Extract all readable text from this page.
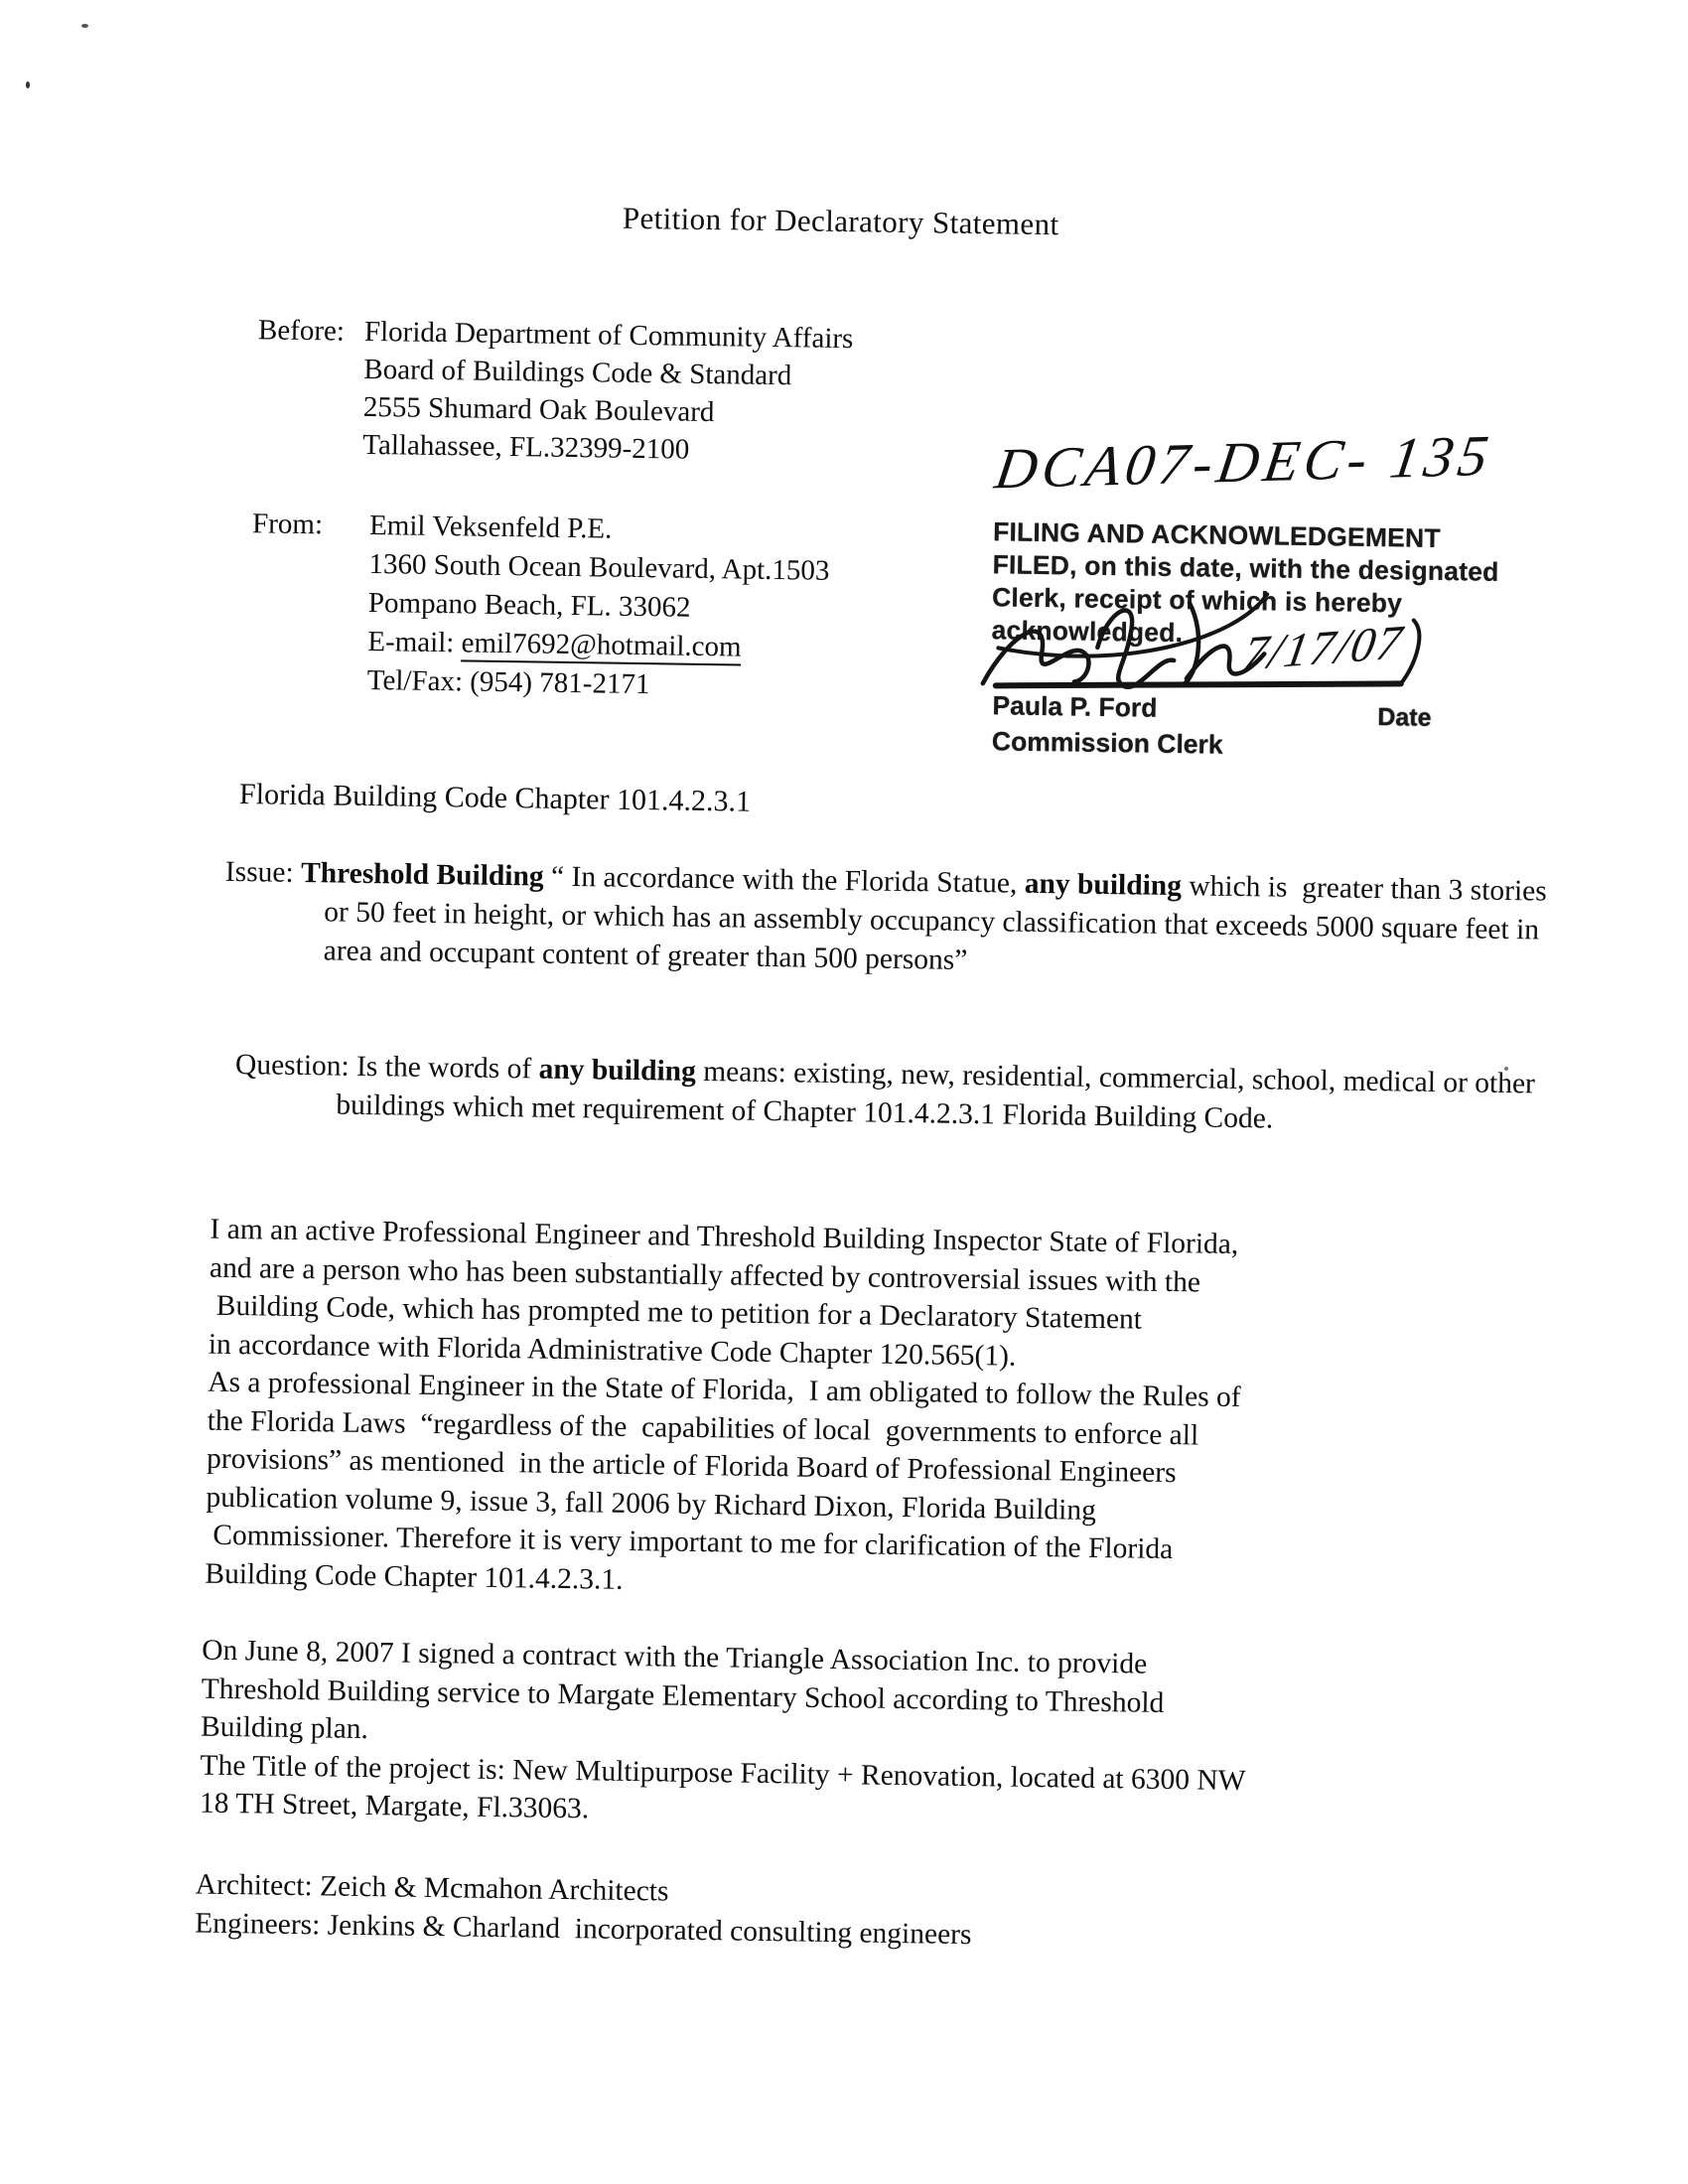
Petition for Declaratory Statement
Before: Florida Department of Community Affairs
Board of Buildings Code & Standard
2555 Shumard Oak Boulevard
Tallahassee, FL.32399-2100
From:	Emil Veksenfeld P.E.
1360 South Ocean Boulevard, Apt.1503
Pompano Beach, FL. 33062
E-mail: emil7692@hotmail.com
Tel/Fax: (954) 781-2171
DCA07-DEC- 135
FILING AND ACKNOWLEDGEMENT
FILED, on this date, with the designated
Clerk, receipt of which is hereby
acknowledged.
Paula P. Ford
Commission Clerk
Date
7/17/07
Florida Building Code Chapter 101.4.2.3.1
Issue: Threshold Building “ In accordance with the Florida Statue, any building which is  greater than 3 stories or 50 feet in height, or which has an assembly occupancy classification that exceeds 5000 square feet in area and occupant content of greater than 500 persons”
Question: Is the words of any building means: existing, new, residential, commercial, school, medical or other  buildings which met requirement of Chapter 101.4.2.3.1 Florida Building Code.
I am an active Professional Engineer and Threshold Building Inspector State of Florida,
and are a person who has been substantially affected by controversial issues with the
Building Code, which has prompted me to petition for a Declaratory Statement
in accordance with Florida Administrative Code Chapter 120.565(1).
As a professional Engineer in the State of Florida,  I am obligated to follow the Rules of
the Florida Laws  “regardless of the  capabilities of local  governments to enforce all
provisions” as mentioned  in the article of Florida Board of Professional Engineers
publication volume 9, issue 3, fall 2006 by Richard Dixon, Florida Building
Commissioner. Therefore it is very important to me for clarification of the Florida
Building Code Chapter 101.4.2.3.1.
On June 8, 2007 I signed a contract with the Triangle Association Inc. to provide
Threshold Building service to Margate Elementary School according to Threshold
Building plan.
The Title of the project is: New Multipurpose Facility + Renovation, located at 6300 NW
18 TH Street, Margate, Fl.33063.
Architect: Zeich & Mcmahon Architects
Engineers: Jenkins & Charland  incorporated consulting engineers
